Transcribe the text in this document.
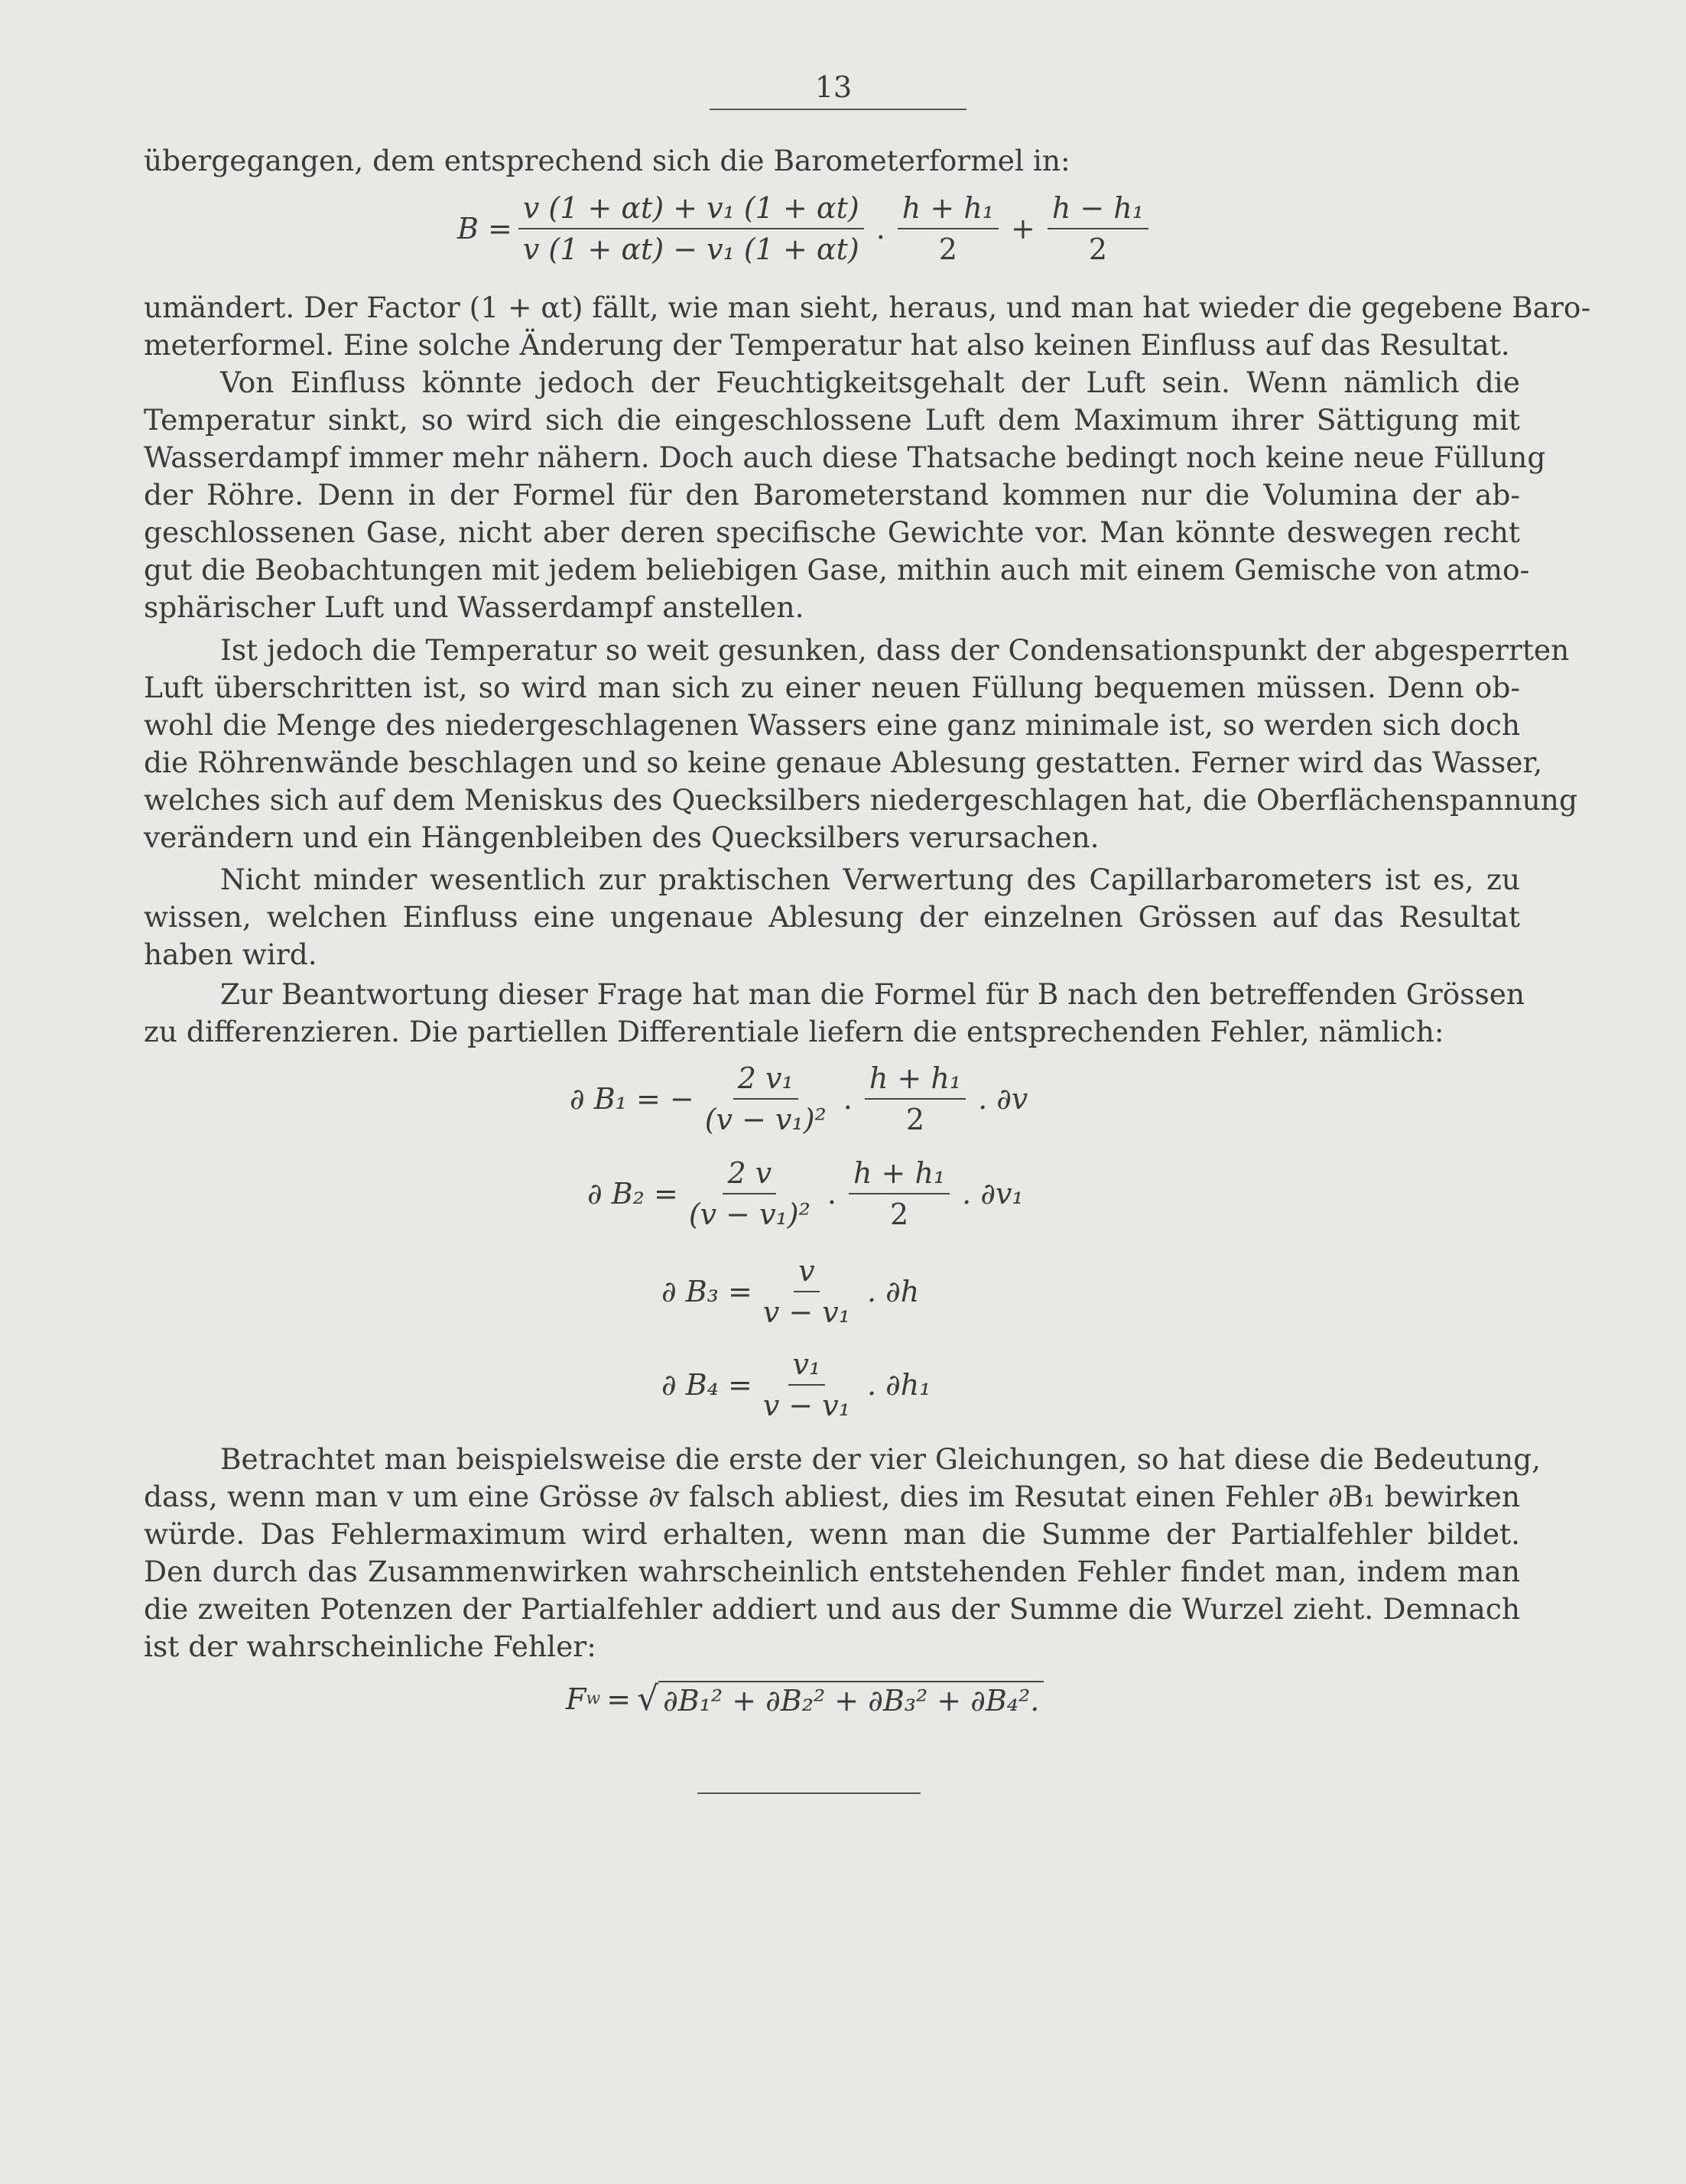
13
übergegangen, dem entsprechend sich die Barometerformel in:
$B = \frac{\text{v (1 + αt) + v₁ (1 + αt)}}{\text{v (1 + αt) − v₁ (1 + αt)}}$ . $\frac{\text{h + h₁}}{2} + \frac{\text{h − h₁}}{2}$
umändert. Der Factor (1 + αt) fällt, wie man sieht, heraus, und man hat wieder die gegebene Baro-
meterformel. Eine solche Änderung der Temperatur hat also keinen Einfluss auf das Resultat.
Von Einfluss könnte jedoch der Feuchtigkeitsgehalt der Luft sein. Wenn nämlich die
Temperatur sinkt, so wird sich die eingeschlossene Luft dem Maximum ihrer Sättigung mit
Wasserdampf immer mehr nähern. Doch auch diese Thatsache bedingt noch keine neue Füllung
der Röhre. Denn in der Formel für den Barometerstand kommen nur die Volumina der ab-
geschlossenen Gase, nicht aber deren specifische Gewichte vor. Man könnte deswegen recht
gut die Beobachtungen mit jedem beliebigen Gase, mithin auch mit einem Gemische von atmo-
sphärischer Luft und Wasserdampf anstellen.
Ist jedoch die Temperatur so weit gesunken, dass der Condensationspunkt der abgesperrten
Luft überschritten ist, so wird man sich zu einer neuen Füllung bequemen müssen. Denn ob-
wohl die Menge des niedergeschlagenen Wassers eine ganz minimale ist, so werden sich doch
die Röhrenwände beschlagen und so keine genaue Ablesung gestatten. Ferner wird das Wasser,
welches sich auf dem Meniskus des Quecksilbers niedergeschlagen hat, die Oberflächenspannung
verändern und ein Hängenbleiben des Quecksilbers verursachen.
Nicht minder wesentlich zur praktischen Verwertung des Capillarbarometers ist es, zu
wissen, welchen Einfluss eine ungenaue Ablesung der einzelnen Grössen auf das Resultat
haben wird.
Zur Beantwortung dieser Frage hat man die Formel für B nach den betreffenden Grössen
zu differenzieren. Die partiellen Differentiale liefern die entsprechenden Fehler, nämlich:
∂ B₁ = − $\frac{\text{2 v₁}}{\text{(v − v₁)²}}$ . $\frac{\text{h + h₁}}{2}$ . ∂v
∂ $B_2 = \frac{2 v}{\text{(v − v₁)²}}$ . $\frac{\text{h + h₁}}{2}$ . ∂v₁
∂ $B_3 = \frac{v}{\text{v − v₁}}$ . ∂h
∂ $B_4 = \frac{\text{v₁}}{\text{v − v₁}}$ . ∂h₁
Betrachtet man beispielsweise die erste der vier Gleichungen, so hat diese die Bedeutung,
dass, wenn man v um eine Grösse ∂v falsch abliest, dies im Resutat einen Fehler ∂B₁ bewirken
würde. Das Fehlermaximum wird erhalten, wenn man die Summe der Partialfehler bildet.
Den durch das Zusammenwirken wahrscheinlich entstehenden Fehler findet man, indem man
die zweiten Potenzen der Partialfehler addiert und aus der Summe die Wurzel zieht. Demnach
ist der wahrscheinliche Fehler:
F w = √ ∂B₁² + ∂B₂² + ∂B₃² + ∂B₄².
